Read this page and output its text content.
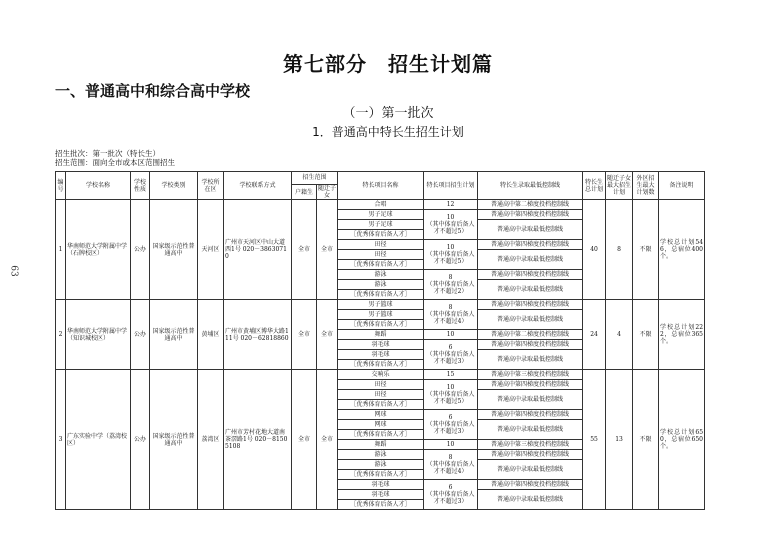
63
第七部分　招生计划篇
一、普通高中和综合高中学校
（一）第一批次
1．普通高中特长生招生计划
招生批次：第一批次（特长生）
招生范围：面向全市或本区范围招生
编号	学校名称	学校性质	学校类别	学校所在区	学校联系方式	招生范围		特长项目名称	特长项目招生计划	特长生录取最低控制线	特长生总计划	随迁子女最大招生计划	外区招生最大计划数	备注说明
						户籍生	随迁子女							
1	华南师范大学附属中学（石牌校区）	公办	国家级示范性普通高中	天河区	广州市天河区中山大道西1号 020－38630710	全市	全市	合唱	12	普通高中第二梯度投档控制线	40	8	不限	学校总计划546，总宿位400个。
								男子足球	10
（其中体育后备人才不超过5）	普通高中第四梯度投档控制线				
								男子足球		普通高中录取最低控制线				
								［优秀体育后备人才］						
								田径	10
（其中体育后备人才不超过5）	普通高中第四梯度投档控制线				
								田径		普通高中录取最低控制线				
								［优秀体育后备人才］						
								游泳	8
（其中体育后备人才不超过2）	普通高中第四梯度投档控制线				
								游泳		普通高中录取最低控制线				
								［优秀体育后备人才］						
2	华南师范大学附属中学（知识城校区）	公办	国家级示范性普通高中	黄埔区	广州市黄埔区博华大路111号 020－62818860	全市	全市	男子篮球	8
（其中体育后备人才不超过4）	普通高中第四梯度投档控制线	24	4	不限	学校总计划222，总宿位365个。
								男子篮球		普通高中录取最低控制线				
								［优秀体育后备人才］						
								舞蹈	10	普通高中第二梯度投档控制线				
								羽毛球	6
（其中体育后备人才不超过3）	普通高中第四梯度投档控制线				
								羽毛球		普通高中录取最低控制线				
								［优秀体育后备人才］						
3	广东实验中学（荔湾校区）	公办	国家级示范性普通高中	荔湾区	广州市芳村花地大道南茶滘路1号 020－81505108	全市	全市	交响乐	15	普通高中第三梯度投档控制线	55	13	不限	学校总计划650，总宿位650个。
								田径	10
（其中体育后备人才不超过5）	普通高中第四梯度投档控制线				
								田径		普通高中录取最低控制线				
								［优秀体育后备人才］						
								网球	6
（其中体育后备人才不超过3）	普通高中第四梯度投档控制线				
								网球		普通高中录取最低控制线				
								［优秀体育后备人才］						
								舞蹈	10	普通高中第三梯度投档控制线				
								游泳	8
（其中体育后备人才不超过4）	普通高中第四梯度投档控制线				
								游泳		普通高中录取最低控制线				
								［优秀体育后备人才］						
								羽毛球	6
（其中体育后备人才不超过3）	普通高中第四梯度投档控制线				
								羽毛球		普通高中录取最低控制线				
								［优秀体育后备人才］						
